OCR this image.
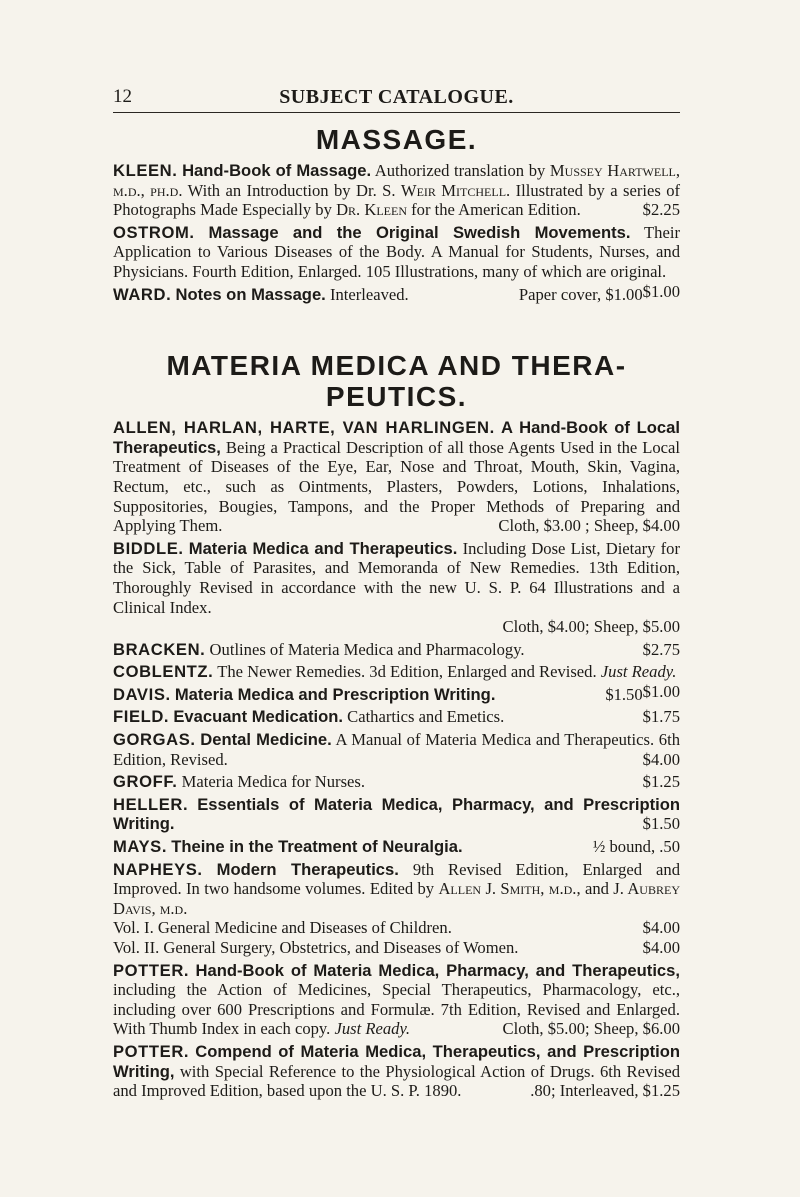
12	SUBJECT CATALOGUE.
MASSAGE.
KLEEN. Hand-Book of Massage. Authorized translation by Mussey Hartwell, m.d., ph.d. With an Introduction by Dr. S. Weir Mitchell. Illustrated by a series of Photographs Made Especially by Dr. Kleen for the American Edition.	$2.25
OSTROM. Massage and the Original Swedish Movements. Their Application to Various Diseases of the Body. A Manual for Students, Nurses, and Physicians. Fourth Edition, Enlarged. 105 Illustrations, many of which are original.
$1.00
WARD. Notes on Massage. Interleaved.	Paper cover, $1.00
MATERIA MEDICA AND THERA-
PEUTICS.
ALLEN, HARLAN, HARTE, VAN HARLINGEN. A Hand-Book of Local Therapeutics, Being a Practical Description of all those Agents Used in the Local Treatment of Diseases of the Eye, Ear, Nose and Throat, Mouth, Skin, Vagina, Rectum, etc., such as Ointments, Plasters, Powders, Lotions, Inhalations, Suppositories, Bougies, Tampons, and the Proper Methods of Preparing and Applying Them.	Cloth, $3.00 ; Sheep, $4.00
BIDDLE. Materia Medica and Therapeutics. Including Dose List, Dietary for the Sick, Table of Parasites, and Memoranda of New Remedies. 13th Edition, Thoroughly Revised in accordance with the new U. S. P. 64 Illustrations and a Clinical Index.
Cloth, $4.00; Sheep, $5.00
BRACKEN. Outlines of Materia Medica and Pharmacology.	$2.75
COBLENTZ. The Newer Remedies. 3d Edition, Enlarged and Revised. Just Ready.
$1.00
DAVIS. Materia Medica and Prescription Writing.	$1.50
FIELD. Evacuant Medication. Cathartics and Emetics.	$1.75
GORGAS. Dental Medicine. A Manual of Materia Medica and Therapeutics. 6th Edition, Revised.	$4.00
GROFF. Materia Medica for Nurses.	$1.25
HELLER. Essentials of Materia Medica, Pharmacy, and Prescription Writing.	$1.50
MAYS. Theine in the Treatment of Neuralgia.	½ bound, .50
NAPHEYS. Modern Therapeutics. 9th Revised Edition, Enlarged and Improved. In two handsome volumes. Edited by Allen J. Smith, m.d., and J. Aubrey Davis, m.d.
Vol. I. General Medicine and Diseases of Children.	$4.00
Vol. II. General Surgery, Obstetrics, and Diseases of Women.	$4.00
POTTER. Hand-Book of Materia Medica, Pharmacy, and Therapeutics, including the Action of Medicines, Special Therapeutics, Pharmacology, etc., including over 600 Prescriptions and Formulæ. 7th Edition, Revised and Enlarged. With Thumb Index in each copy. Just Ready.	Cloth, $5.00; Sheep, $6.00
POTTER. Compend of Materia Medica, Therapeutics, and Prescription Writing, with Special Reference to the Physiological Action of Drugs. 6th Revised and Improved Edition, based upon the U. S. P. 1890.	.80; Interleaved, $1.25
